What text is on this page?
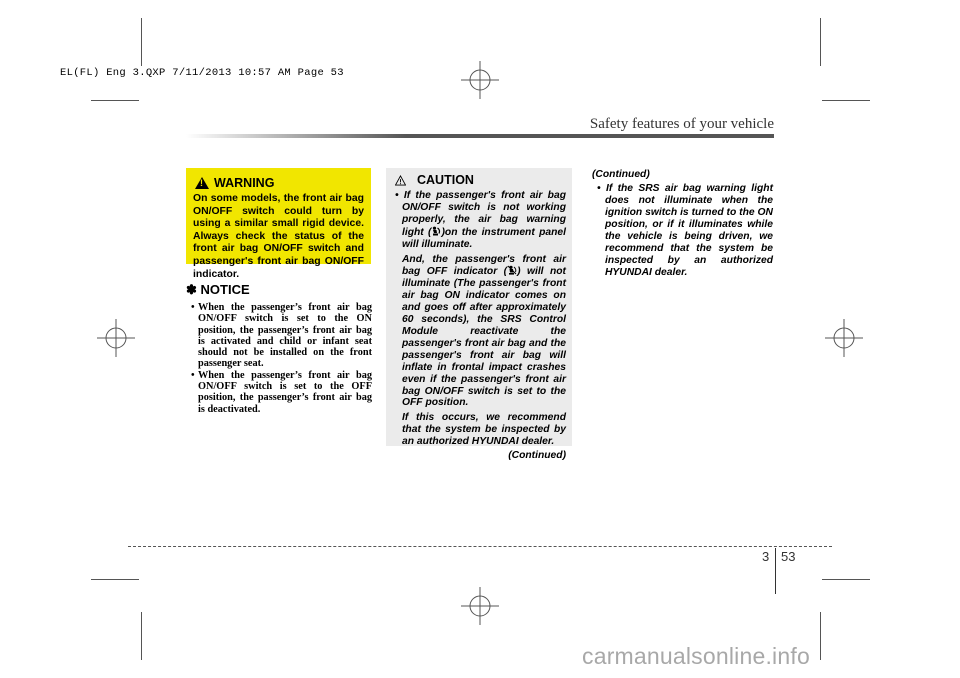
EL(FL) Eng 3.QXP 7/11/2013 10:57 AM Page 53
Safety features of your vehicle
!
WARNING
On some models, the front air bag ON/OFF switch could turn by using a similar small rigid device. Always check the status of the front air bag ON/OFF switch and passenger's front air bag ON/OFF indicator.
✽ NOTICE
• When the passenger’s front air bag ON/OFF switch is set to the ON position, the passenger’s front air bag is activated and child or infant seat should not be installed on the front passenger seat.
• When the passenger’s front air bag ON/OFF switch is set to the OFF position, the passenger’s front air bag is deactivated.
CAUTION

• If the passenger's front air bag ON/OFF switch is not working properly, the air bag warning light ( )on the instrument panel will illuminate.

And, the passenger's front air bag OFF indicator ( ) will not illuminate (The passenger's front air bag ON indicator comes on and goes off after approximately 60 seconds), the SRS Control Module reactivate the passenger's front air bag and the passenger's front air bag will inflate in frontal impact crashes even if the passenger's front air bag ON/OFF switch is set to the OFF position.

If this occurs, we recommend that the system be inspected by an authorized HYUNDAI dealer.

(Continued)

(Continued)

• If the SRS air bag warning light does not illuminate when the ignition switch is turned to the ON position, or if it illuminates while the vehicle is being driven, we recommend that the system be inspected by an authorized HYUNDAI dealer.

3 53
carmanualsonline.info
